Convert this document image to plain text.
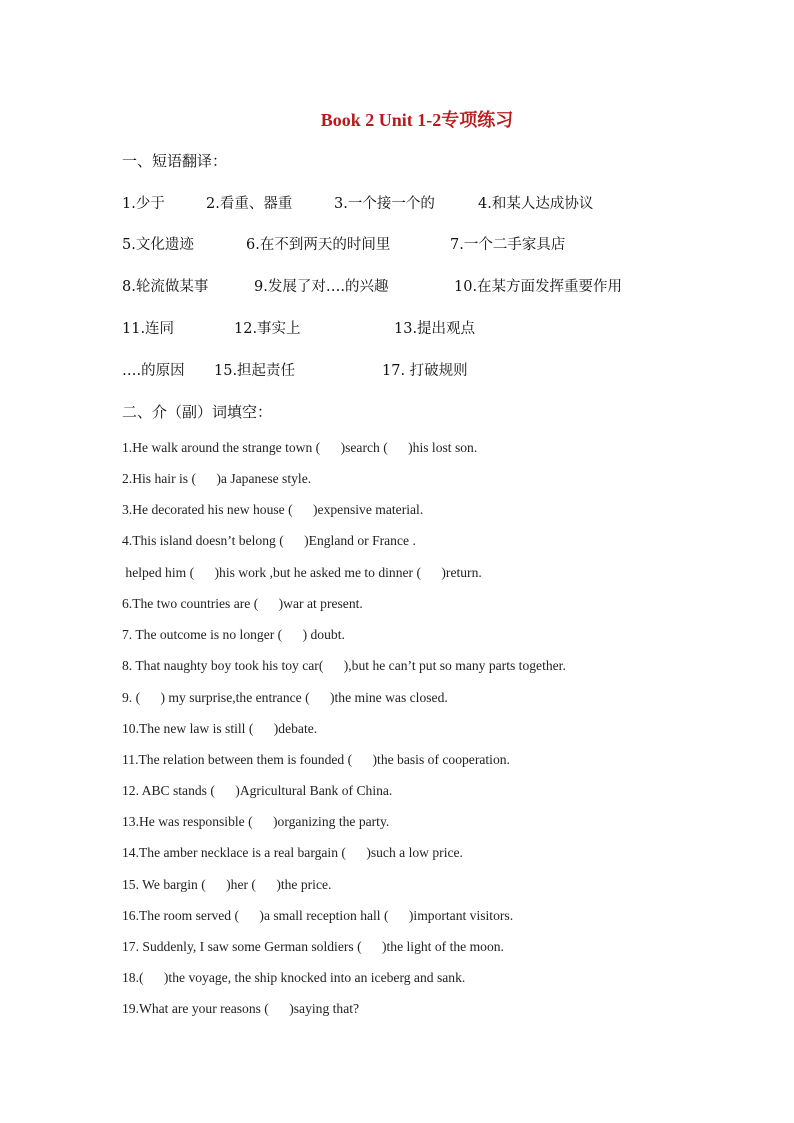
Book 2 Unit 1-2专项练习
一、短语翻译：
1.少于	2.看重、器重	3.一个接一个的	4.和某人达成协议
5.文化遗迹	6.在不到两天的时间里	7.一个二手家具店
8.轮流做某事	9.发展了对….的兴趣	10.在某方面发挥重要作用
11.连同	12.事实上	13.提出观点
….的原因 15.担起责任	17. 打破规则
二、介（副）词填空：
1.He walk around the strange town (      )search (      )his lost son.
2.His hair is (      )a Japanese style.
3.He decorated his new house (      )expensive material.
4.This island doesn’t belong (      )England or France .
helped him (      )his work ,but he asked me to dinner (      )return.
6.The two countries are (      )war at present.
7. The outcome is no longer (      ) doubt.
8. That naughty boy took his toy car(      ),but he can’t put so many parts together.
9. (      ) my surprise,the entrance (      )the mine was closed.
10.The new law is still (      )debate.
11.The relation between them is founded (      )the basis of cooperation.
12. ABC stands (      )Agricultural Bank of China.
13.He was responsible (      )organizing the party.
14.The amber necklace is a real bargain (      )such a low price.
15. We bargin (      )her (      )the price.
16.The room served (      )a small reception hall (      )important visitors.
17. Suddenly, I saw some German soldiers (      )the light of the moon.
18.(      )the voyage, the ship knocked into an iceberg and sank.
19.What are your reasons (      )saying that?
